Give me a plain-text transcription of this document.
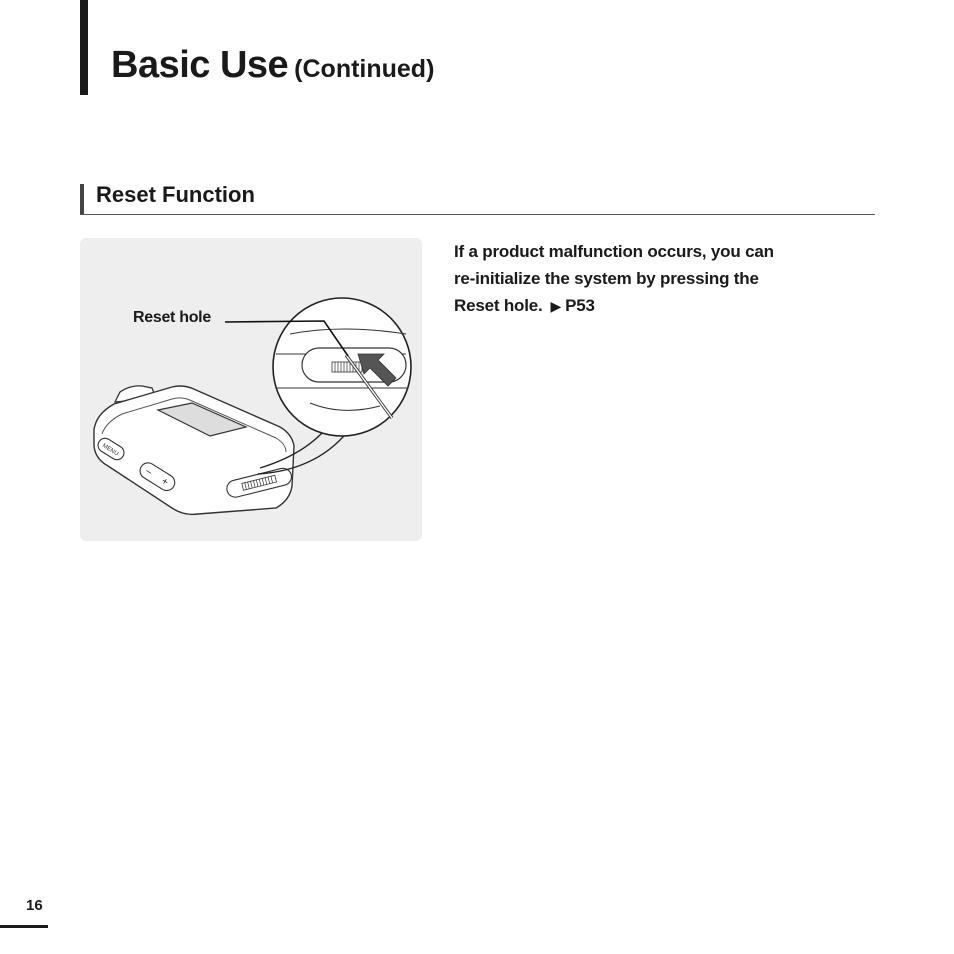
Basic Use (Continued)
Reset Function
MENU
–
+
Reset hole
If a product malfunction occurs, you can
re-initialize the system by pressing the
Reset hole. ▶ P53
16
